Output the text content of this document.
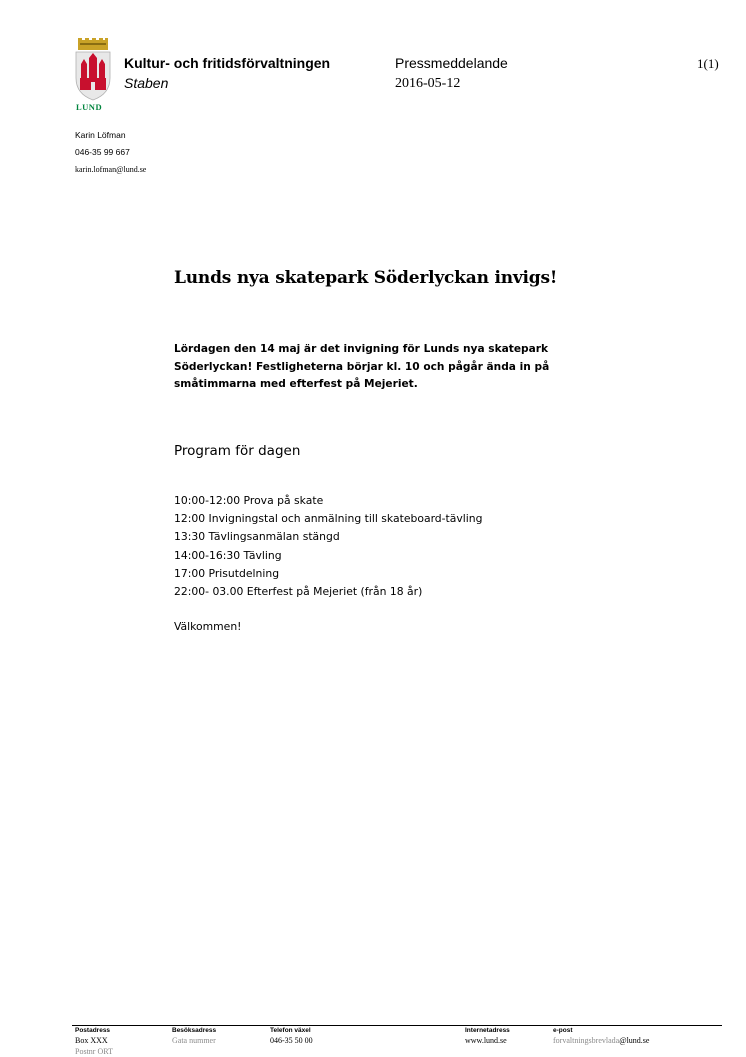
LUND
Kultur- och fritidsförvaltningen
Staben
Pressmeddelande
2016-05-12
1(1)
Karin Löfman
046-35 99 667
karin.lofman@lund.se
Lunds nya skatepark Söderlyckan invigs!
Lördagen den 14 maj är det invigning för Lunds nya skatepark
Söderlyckan! Festligheterna börjar kl. 10 och pågår ända in på
småtimmarna med efterfest på Mejeriet.
Program för dagen
10:00-12:00 Prova på skate
12:00 Invigningstal och anmälning till skateboard-tävling
13:30 Tävlingsanmälan stängd
14:00-16:30 Tävling
17:00 Prisutdelning
22:00- 03.00 Efterfest på Mejeriet (från 18 år)
Välkommen!
Postadress
Box XXX
Postnr ORT
Besöksadress
Gata nummer
Telefon växel
046-35 50 00
Internetadress
www.lund.se
e-post
forvaltningsbrevlada@lund.se
